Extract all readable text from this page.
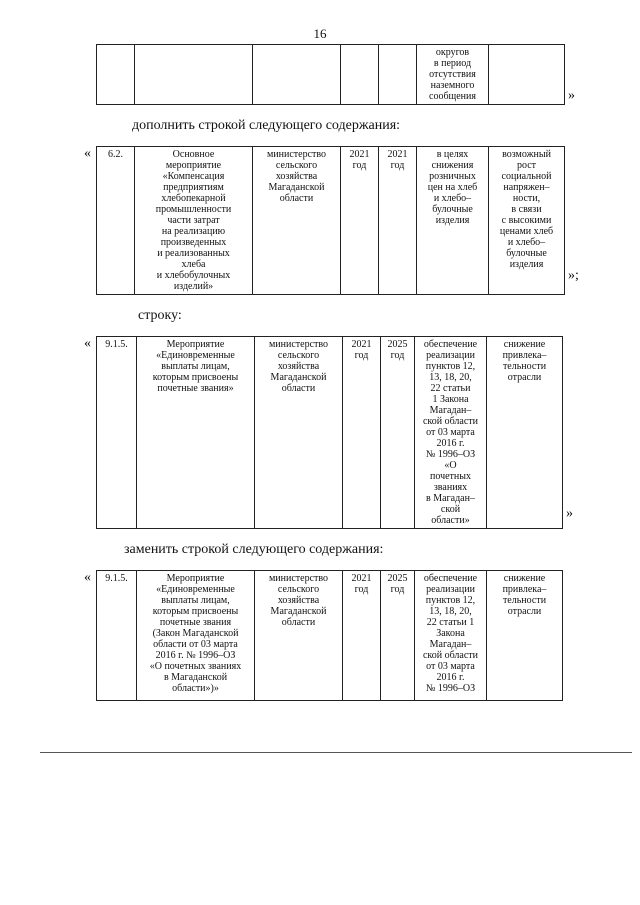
16
					округов
в период
отсутствия
наземного
сообщения		»
дополнить строкой следующего содержания:
« 6.2.	Основное
мероприятие
«Компенсация
предприятиям
хлебопекарной
промышленности
части затрат
на реализацию
произведенных
и реализованных
хлеба
и хлебобулочных
изделий»	министерство
сельского
хозяйства
Магаданской
области	2021
год	2021
год	в целях
снижения
розничных
цен на хлеб
и хлебо–
булочные
изделия	возможный
рост
социальной
напряжен–
ности,
в связи
с высокими
ценами хлеб
и хлебо–
булочные
изделия
»;
строку:
« 9.1.5.	Мероприятие
«Единовременные
выплаты лицам,
которым присвоены
почетные звания»	министерство
сельского
хозяйства
Магаданской
области	2021
год	2025
год	обеспечение
реализации
пунктов 12,
13, 18, 20,
22 статьи
1 Закона
Магадан–
ской области
от 03 марта
2016 г.
№ 1996–ОЗ
«О
почетных
званиях
в Магадан–
ской
области»	снижение
привлека–
тельности
отрасли
»
заменить строкой следующего содержания:
« 9.1.5.	Мероприятие
«Единовременные
выплаты лицам,
которым присвоены
почетные звания
(Закон Магаданской
области от 03 марта
2016 г. № 1996–ОЗ
«О почетных званиях
в Магаданской
области»)»	министерство
сельского
хозяйства
Магаданской
области	2021
год	2025
год	обеспечение
реализации
пунктов 12,
13, 18, 20,
22 статьи 1
Закона
Магадан–
ской области
от 03 марта
2016 г.
№ 1996–ОЗ	снижение
привлека–
тельности
отрасли
